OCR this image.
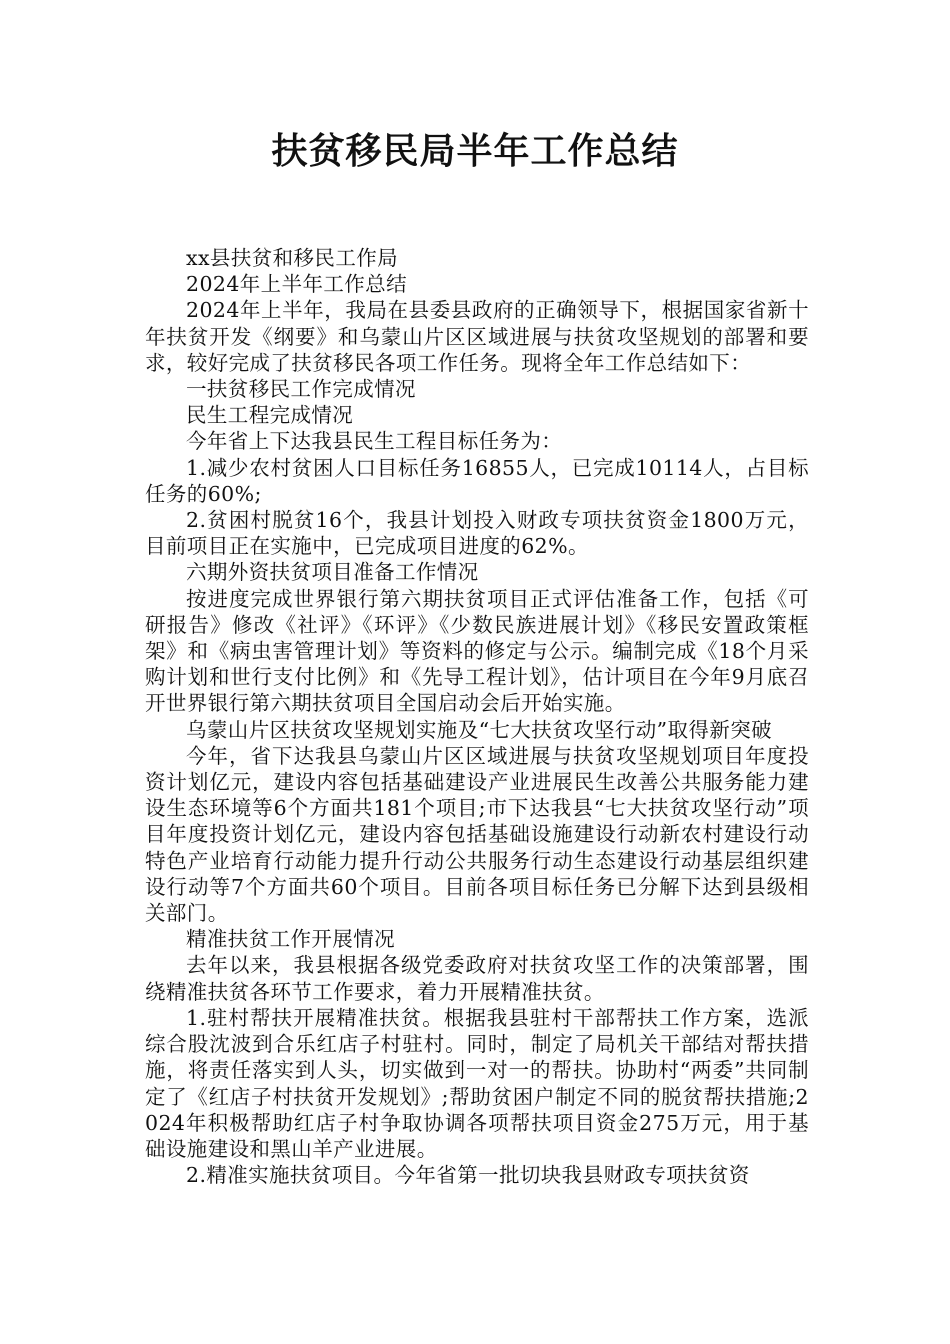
扶贫移民局半年工作总结

xx县扶贫和移民工作局

2024年上半年工作总结

2024年上半年，我局在县委县政府的正确领导下，根据国家省新十年扶贫开发《纲要》和乌蒙山片区区域进展与扶贫攻坚规划的部署和要求，较好完成了扶贫移民各项工作任务。现将全年工作总结如下：

一扶贫移民工作完成情况

民生工程完成情况

今年省上下达我县民生工程目标任务为：

1.减少农村贫困人口目标任务16855人，已完成10114人，占目标任务的60%;

2.贫困村脱贫16个，我县计划投入财政专项扶贫资金1800万元，目前项目正在实施中，已完成项目进度的62%。

六期外资扶贫项目准备工作情况

按进度完成世界银行第六期扶贫项目正式评估准备工作，包括《可研报告》修改《社评》《环评》《少数民族进展计划》《移民安置政策框架》和《病虫害管理计划》等资料的修定与公示。编制完成《18个月采购计划和世行支付比例》和《先导工程计划》，估计项目在今年9月底召开世界银行第六期扶贫项目全国启动会后开始实施。

乌蒙山片区扶贫攻坚规划实施及“七大扶贫攻坚行动”取得新突破

今年，省下达我县乌蒙山片区区域进展与扶贫攻坚规划项目年度投资计划亿元，建设内容包括基础建设产业进展民生改善公共服务能力建设生态环境等6个方面共181个项目;市下达我县“七大扶贫攻坚行动”项目年度投资计划亿元，建设内容包括基础设施建设行动新农村建设行动特色产业培育行动能力提升行动公共服务行动生态建设行动基层组织建设行动等7个方面共60个项目。目前各项目标任务已分解下达到县级相关部门。

精准扶贫工作开展情况

去年以来，我县根据各级党委政府对扶贫攻坚工作的决策部署，围绕精准扶贫各环节工作要求，着力开展精准扶贫。

1.驻村帮扶开展精准扶贫。根据我县驻村干部帮扶工作方案，选派综合股沈波到合乐红店子村驻村。同时，制定了局机关干部结对帮扶措施，将责任落实到人头，切实做到一对一的帮扶。协助村“两委”共同制定了《红店子村扶贫开发规划》;帮助贫困户制定不同的脱贫帮扶措施;2024年积极帮助红店子村争取协调各项帮扶项目资金275万元，用于基础设施建设和黑山羊产业进展。

2.精准实施扶贫项目。今年省第一批切块我县财政专项扶贫资
